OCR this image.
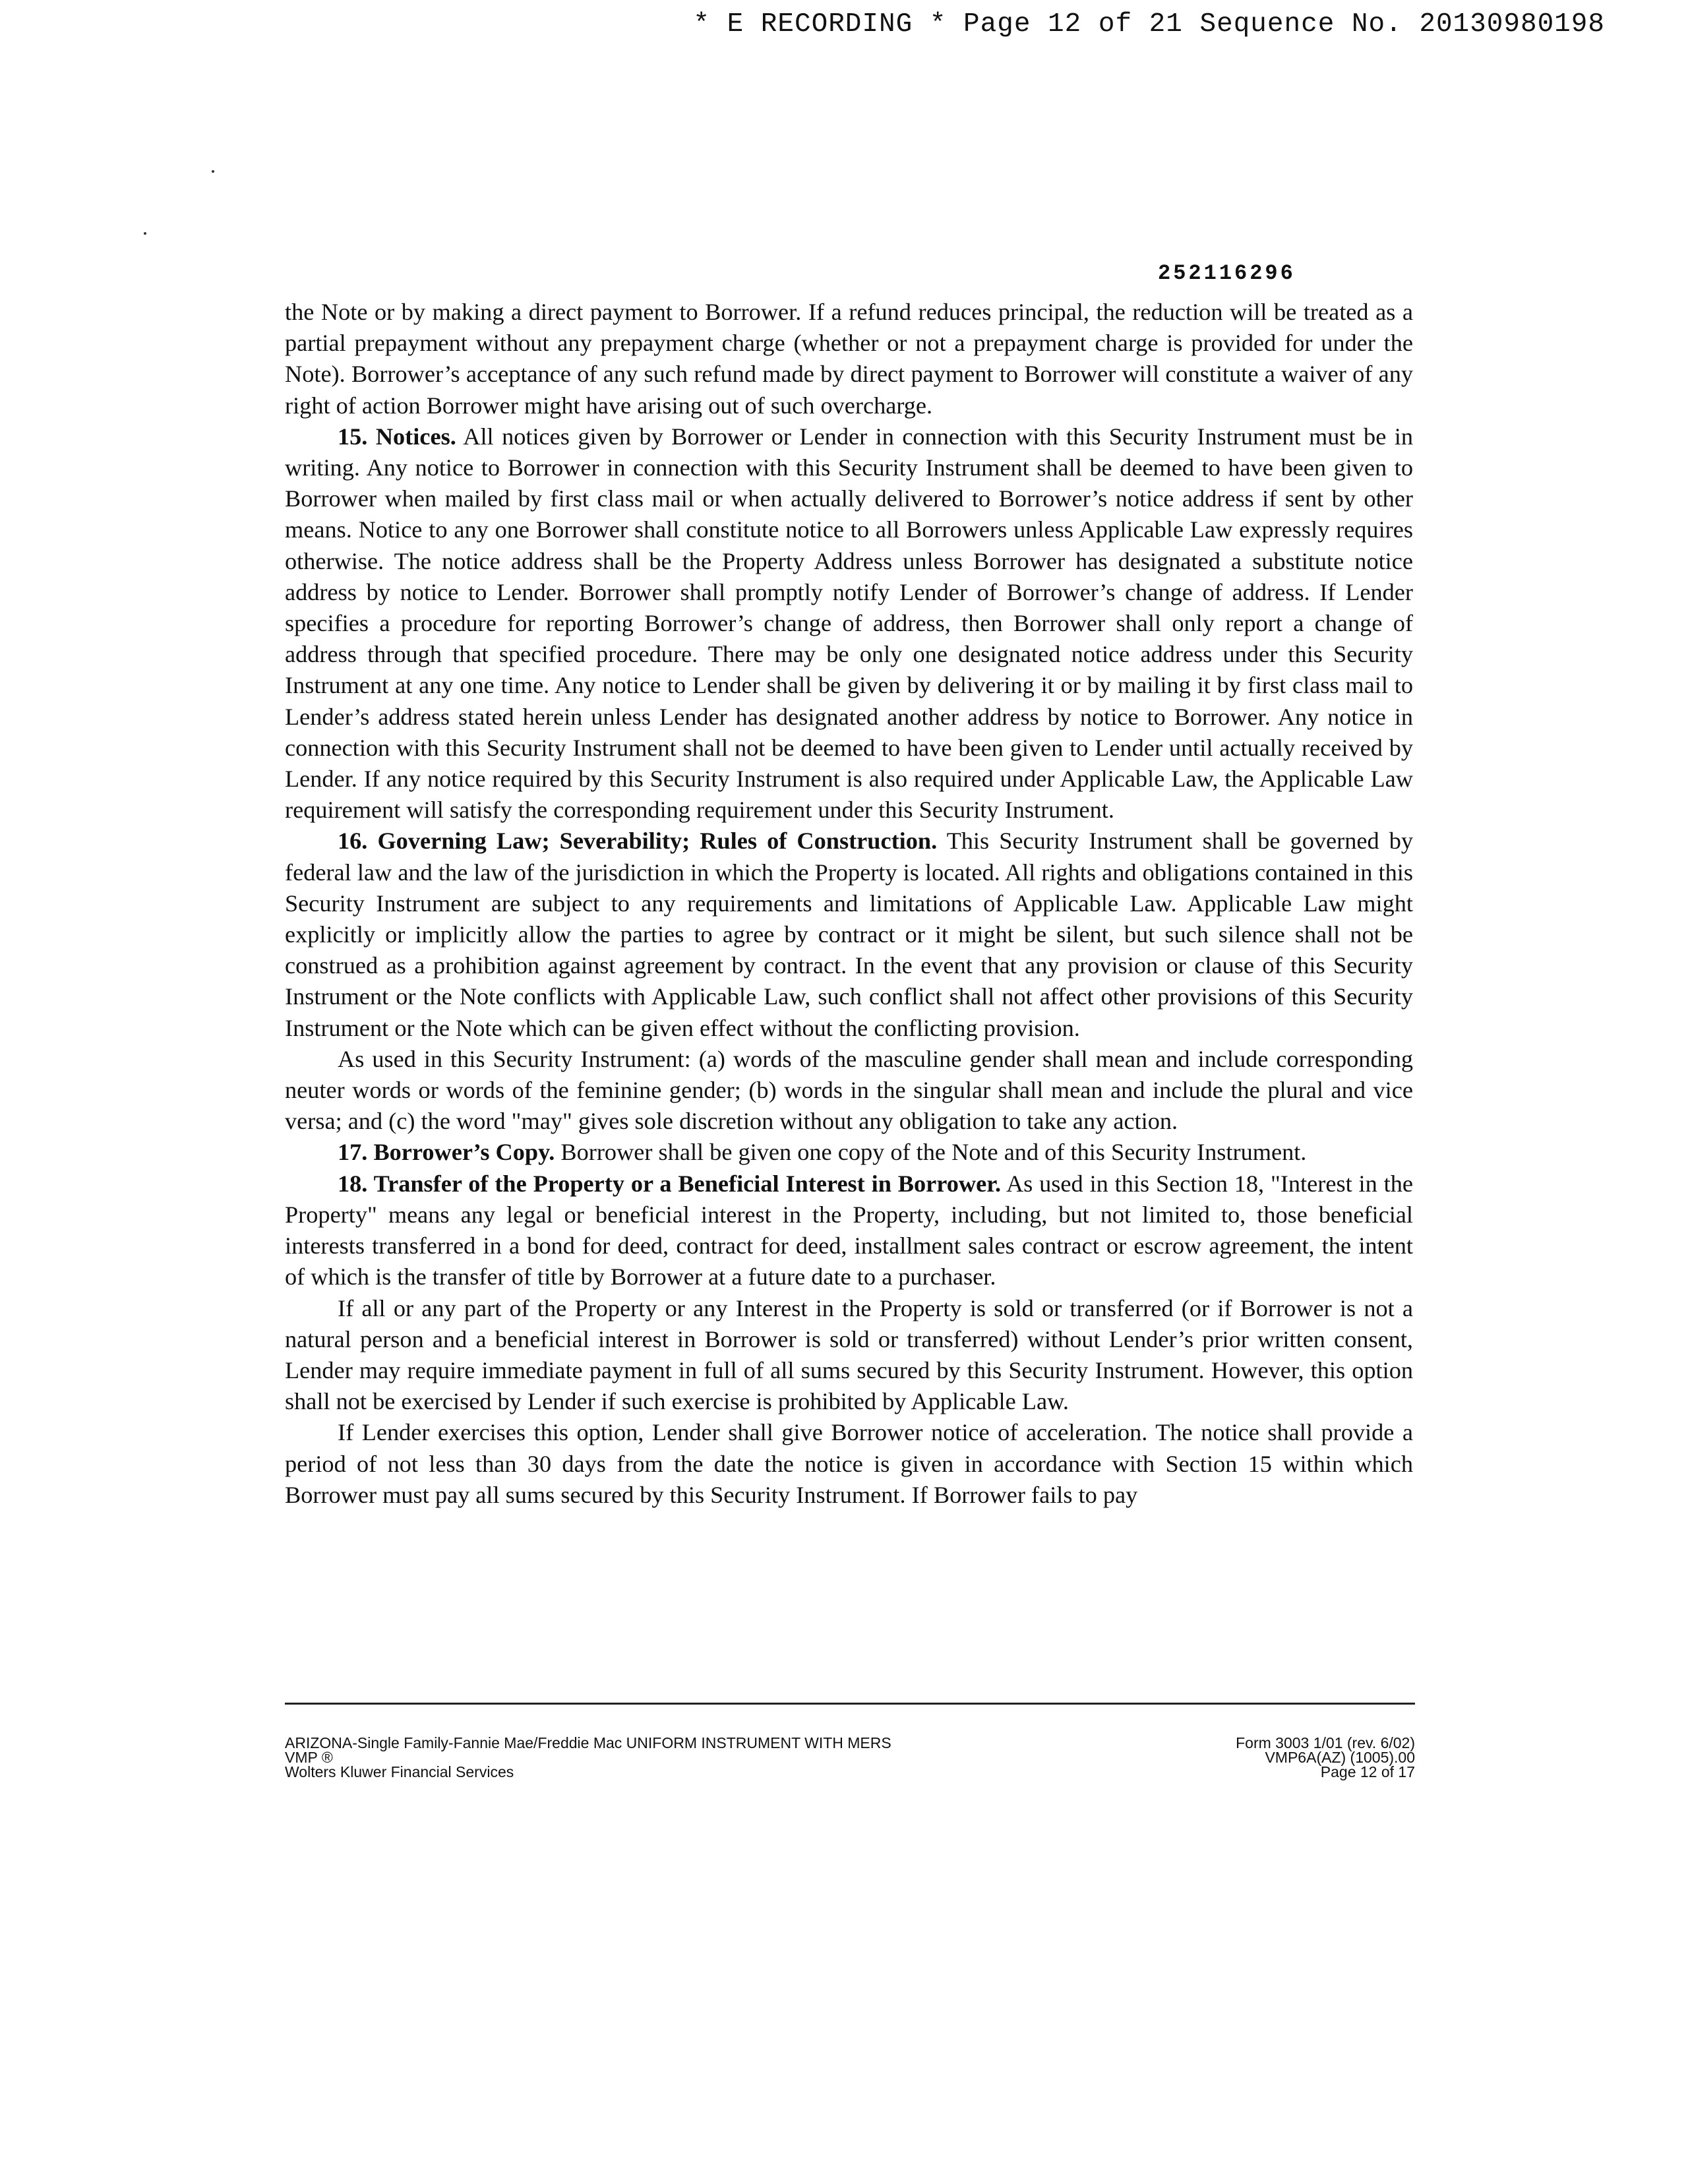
* E RECORDING * Page 12 of 21 Sequence No. 20130980198
252116296

the Note or by making a direct payment to Borrower. If a refund reduces principal, the reduction will be treated as a partial prepayment without any prepayment charge (whether or not a prepayment charge is provided for under the Note). Borrower’s acceptance of any such refund made by direct payment to Borrower will constitute a waiver of any right of action Borrower might have arising out of such overcharge.

15. Notices. All notices given by Borrower or Lender in connection with this Security Instrument must be in writing. Any notice to Borrower in connection with this Security Instrument shall be deemed to have been given to Borrower when mailed by first class mail or when actually delivered to Borrower’s notice address if sent by other means. Notice to any one Borrower shall constitute notice to all Borrowers unless Applicable Law expressly requires otherwise. The notice address shall be the Property Address unless Borrower has designated a substitute notice address by notice to Lender. Borrower shall promptly notify Lender of Borrower’s change of address. If Lender specifies a procedure for reporting Borrower’s change of address, then Borrower shall only report a change of address through that specified procedure. There may be only one designated notice address under this Security Instrument at any one time. Any notice to Lender shall be given by delivering it or by mailing it by first class mail to Lender’s address stated herein unless Lender has designated another address by notice to Borrower. Any notice in connection with this Security Instrument shall not be deemed to have been given to Lender until actually received by Lender. If any notice required by this Security Instrument is also required under Applicable Law, the Applicable Law requirement will satisfy the corresponding requirement under this Security Instrument.

16. Governing Law; Severability; Rules of Construction. This Security Instrument shall be governed by federal law and the law of the jurisdiction in which the Property is located. All rights and obligations contained in this Security Instrument are subject to any requirements and limitations of Applicable Law. Applicable Law might explicitly or implicitly allow the parties to agree by contract or it might be silent, but such silence shall not be construed as a prohibition against agreement by contract. In the event that any provision or clause of this Security Instrument or the Note conflicts with Applicable Law, such conflict shall not affect other provisions of this Security Instrument or the Note which can be given effect without the conflicting provision.

As used in this Security Instrument: (a) words of the masculine gender shall mean and include corresponding neuter words or words of the feminine gender; (b) words in the singular shall mean and include the plural and vice versa; and (c) the word "may" gives sole discretion without any obligation to take any action.

17. Borrower’s Copy. Borrower shall be given one copy of the Note and of this Security Instrument.

18. Transfer of the Property or a Beneficial Interest in Borrower. As used in this Section 18, "Interest in the Property" means any legal or beneficial interest in the Property, including, but not limited to, those beneficial interests transferred in a bond for deed, contract for deed, installment sales contract or escrow agreement, the intent of which is the transfer of title by Borrower at a future date to a purchaser.

If all or any part of the Property or any Interest in the Property is sold or transferred (or if Borrower is not a natural person and a beneficial interest in Borrower is sold or transferred) without Lender’s prior written consent, Lender may require immediate payment in full of all sums secured by this Security Instrument. However, this option shall not be exercised by Lender if such exercise is prohibited by Applicable Law.

If Lender exercises this option, Lender shall give Borrower notice of acceleration. The notice shall provide a period of not less than 30 days from the date the notice is given in accordance with Section 15 within which Borrower must pay all sums secured by this Security Instrument. If Borrower fails to pay

ARIZONA-Single Family-Fannie Mae/Freddie Mac UNIFORM INSTRUMENT WITH MERS
VMP ®
Wolters Kluwer Financial Services
Form 3003 1/01 (rev. 6/02)
VMP6A(AZ) (1005).00
Page 12 of 17
